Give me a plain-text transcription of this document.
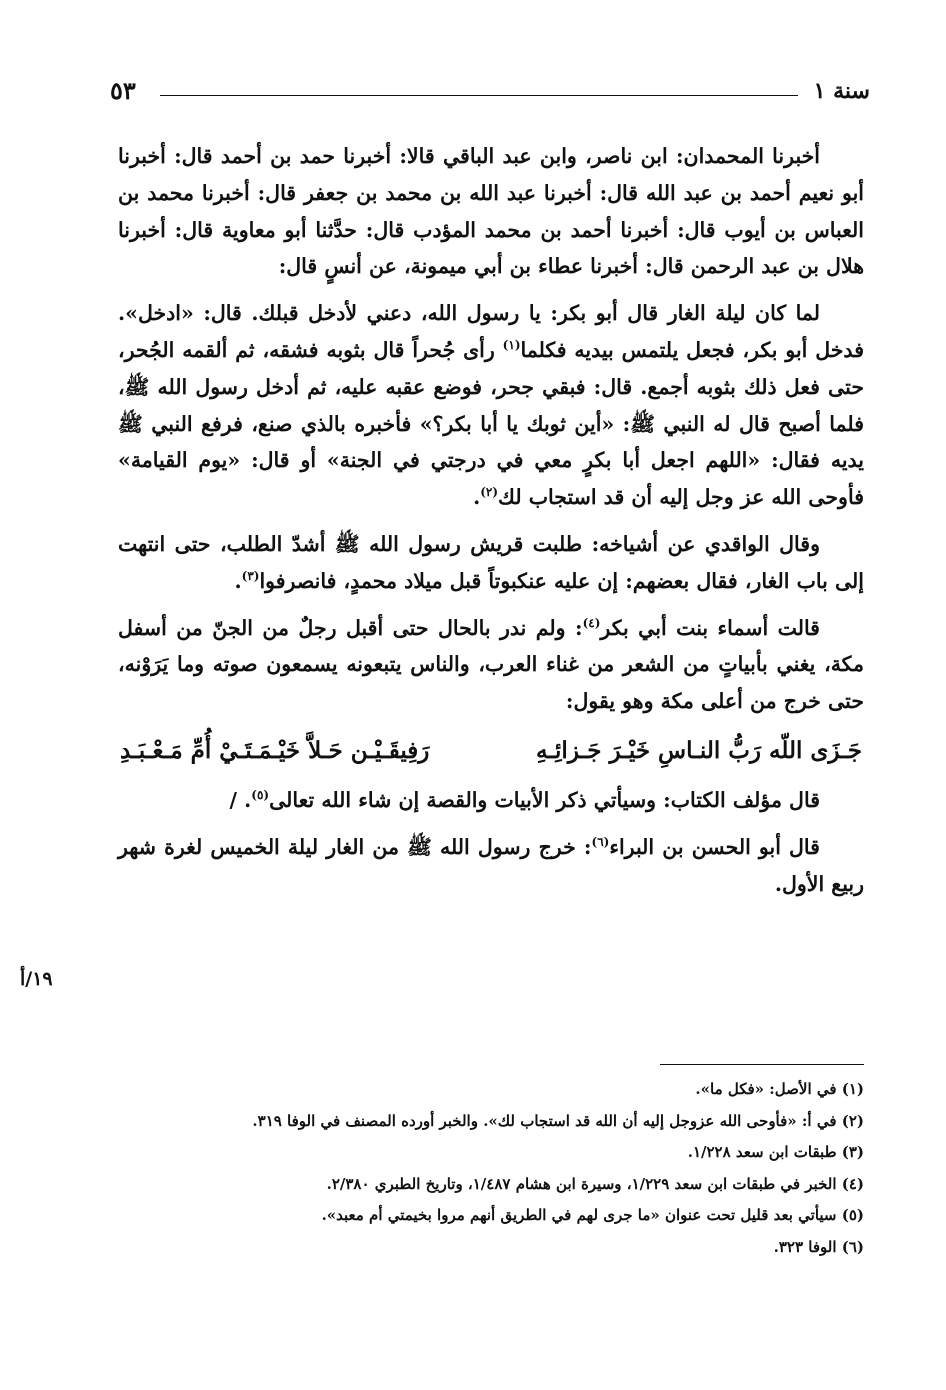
سنة ١
٥٣

أخبرنا المحمدان: ابن ناصر، وابن عبد الباقي قالا: أخبرنا حمد بن أحمد قال: أخبرنا أبو نعيم أحمد بن عبد الله قال: أخبرنا عبد الله بن محمد بن جعفر قال: أخبرنا محمد بن العباس بن أيوب قال: أخبرنا أحمد بن محمد المؤدب قال: حدَّثنا أبو معاوية قال: أخبرنا هلال بن عبد الرحمن قال: أخبرنا عطاء بن أبي ميمونة، عن أنسٍ قال:

لما كان ليلة الغار قال أبو بكر: يا رسول الله، دعني لأدخل قبلك. قال: «ادخل». فدخل أبو بكر، فجعل يلتمس بيديه فكلما$^{(١)}$ رأى جُحراً قال بثوبه فشقه، ثم ألقمه الجُحر، حتى فعل ذلك بثوبه أجمع. قال: فبقي جحر، فوضع عقبه عليه، ثم أدخل رسول الله ﷺ، فلما أصبح قال له النبي ﷺ: «أين ثوبك يا أبا بكر؟» فأخبره بالذي صنع، فرفع النبي ﷺ يديه فقال: «اللهم اجعل أبا بكرٍ معي في درجتي في الجنة» أو قال: «يوم القيامة» فأوحى الله عز وجل إليه أن قد استجاب لك$^{(٢)}$.

وقال الواقدي عن أشياخه: طلبت قريش رسول الله ﷺ أشدّ الطلب، حتى انتهت إلى باب الغار، فقال بعضهم: إن عليه عنكبوتاً قبل ميلاد محمدٍ، فانصرفوا$^{(٣)}$.

قالت أسماء بنت أبي بكر$^{(٤)}$: ولم ندر بالحال حتى أقبل رجلٌ من الجنّ من أسفل مكة، يغني بأبياتٍ من الشعر من غناء العرب، والناس يتبعونه يسمعون صوته وما يَرَوْنه، حتى خرج من أعلى مكة وهو يقول:

جَـزَى اللّه رَبُّ النـاسِ خَيْـرَ جَـزائِـهِ
رَفِيقَـيْـن حَـلاَّ خَيْـمَـتَـيْ أُمِّ مَـعْـبَـدِ

قال مؤلف الكتاب: وسيأتي ذكر الأبيات والقصة إن شاء الله تعالى$^{(٥)}$. /

قال أبو الحسن بن البراء$^{(٦)}$: خرج رسول الله ﷺ من الغار ليلة الخميس لغرة شهر ربيع الأول.

١٩/أ
(١) في الأصل: «فكل ما».
(٢) في أ: «فأوحى الله عزوجل إليه أن الله قد استجاب لك». والخبر أورده المصنف في الوفا ٣١٩.
(٣) طبقات ابن سعد ١/٢٢٨.
(٤) الخبر في طبقات ابن سعد ١/٢٢٩، وسيرة ابن هشام ١/٤٨٧، وتاريخ الطبري ٢/٣٨٠.
(٥) سيأتي بعد قليل تحت عنوان «ما جرى لهم في الطريق أنهم مروا بخيمتي أم معبد».
(٦) الوفا ٣٢٣.
